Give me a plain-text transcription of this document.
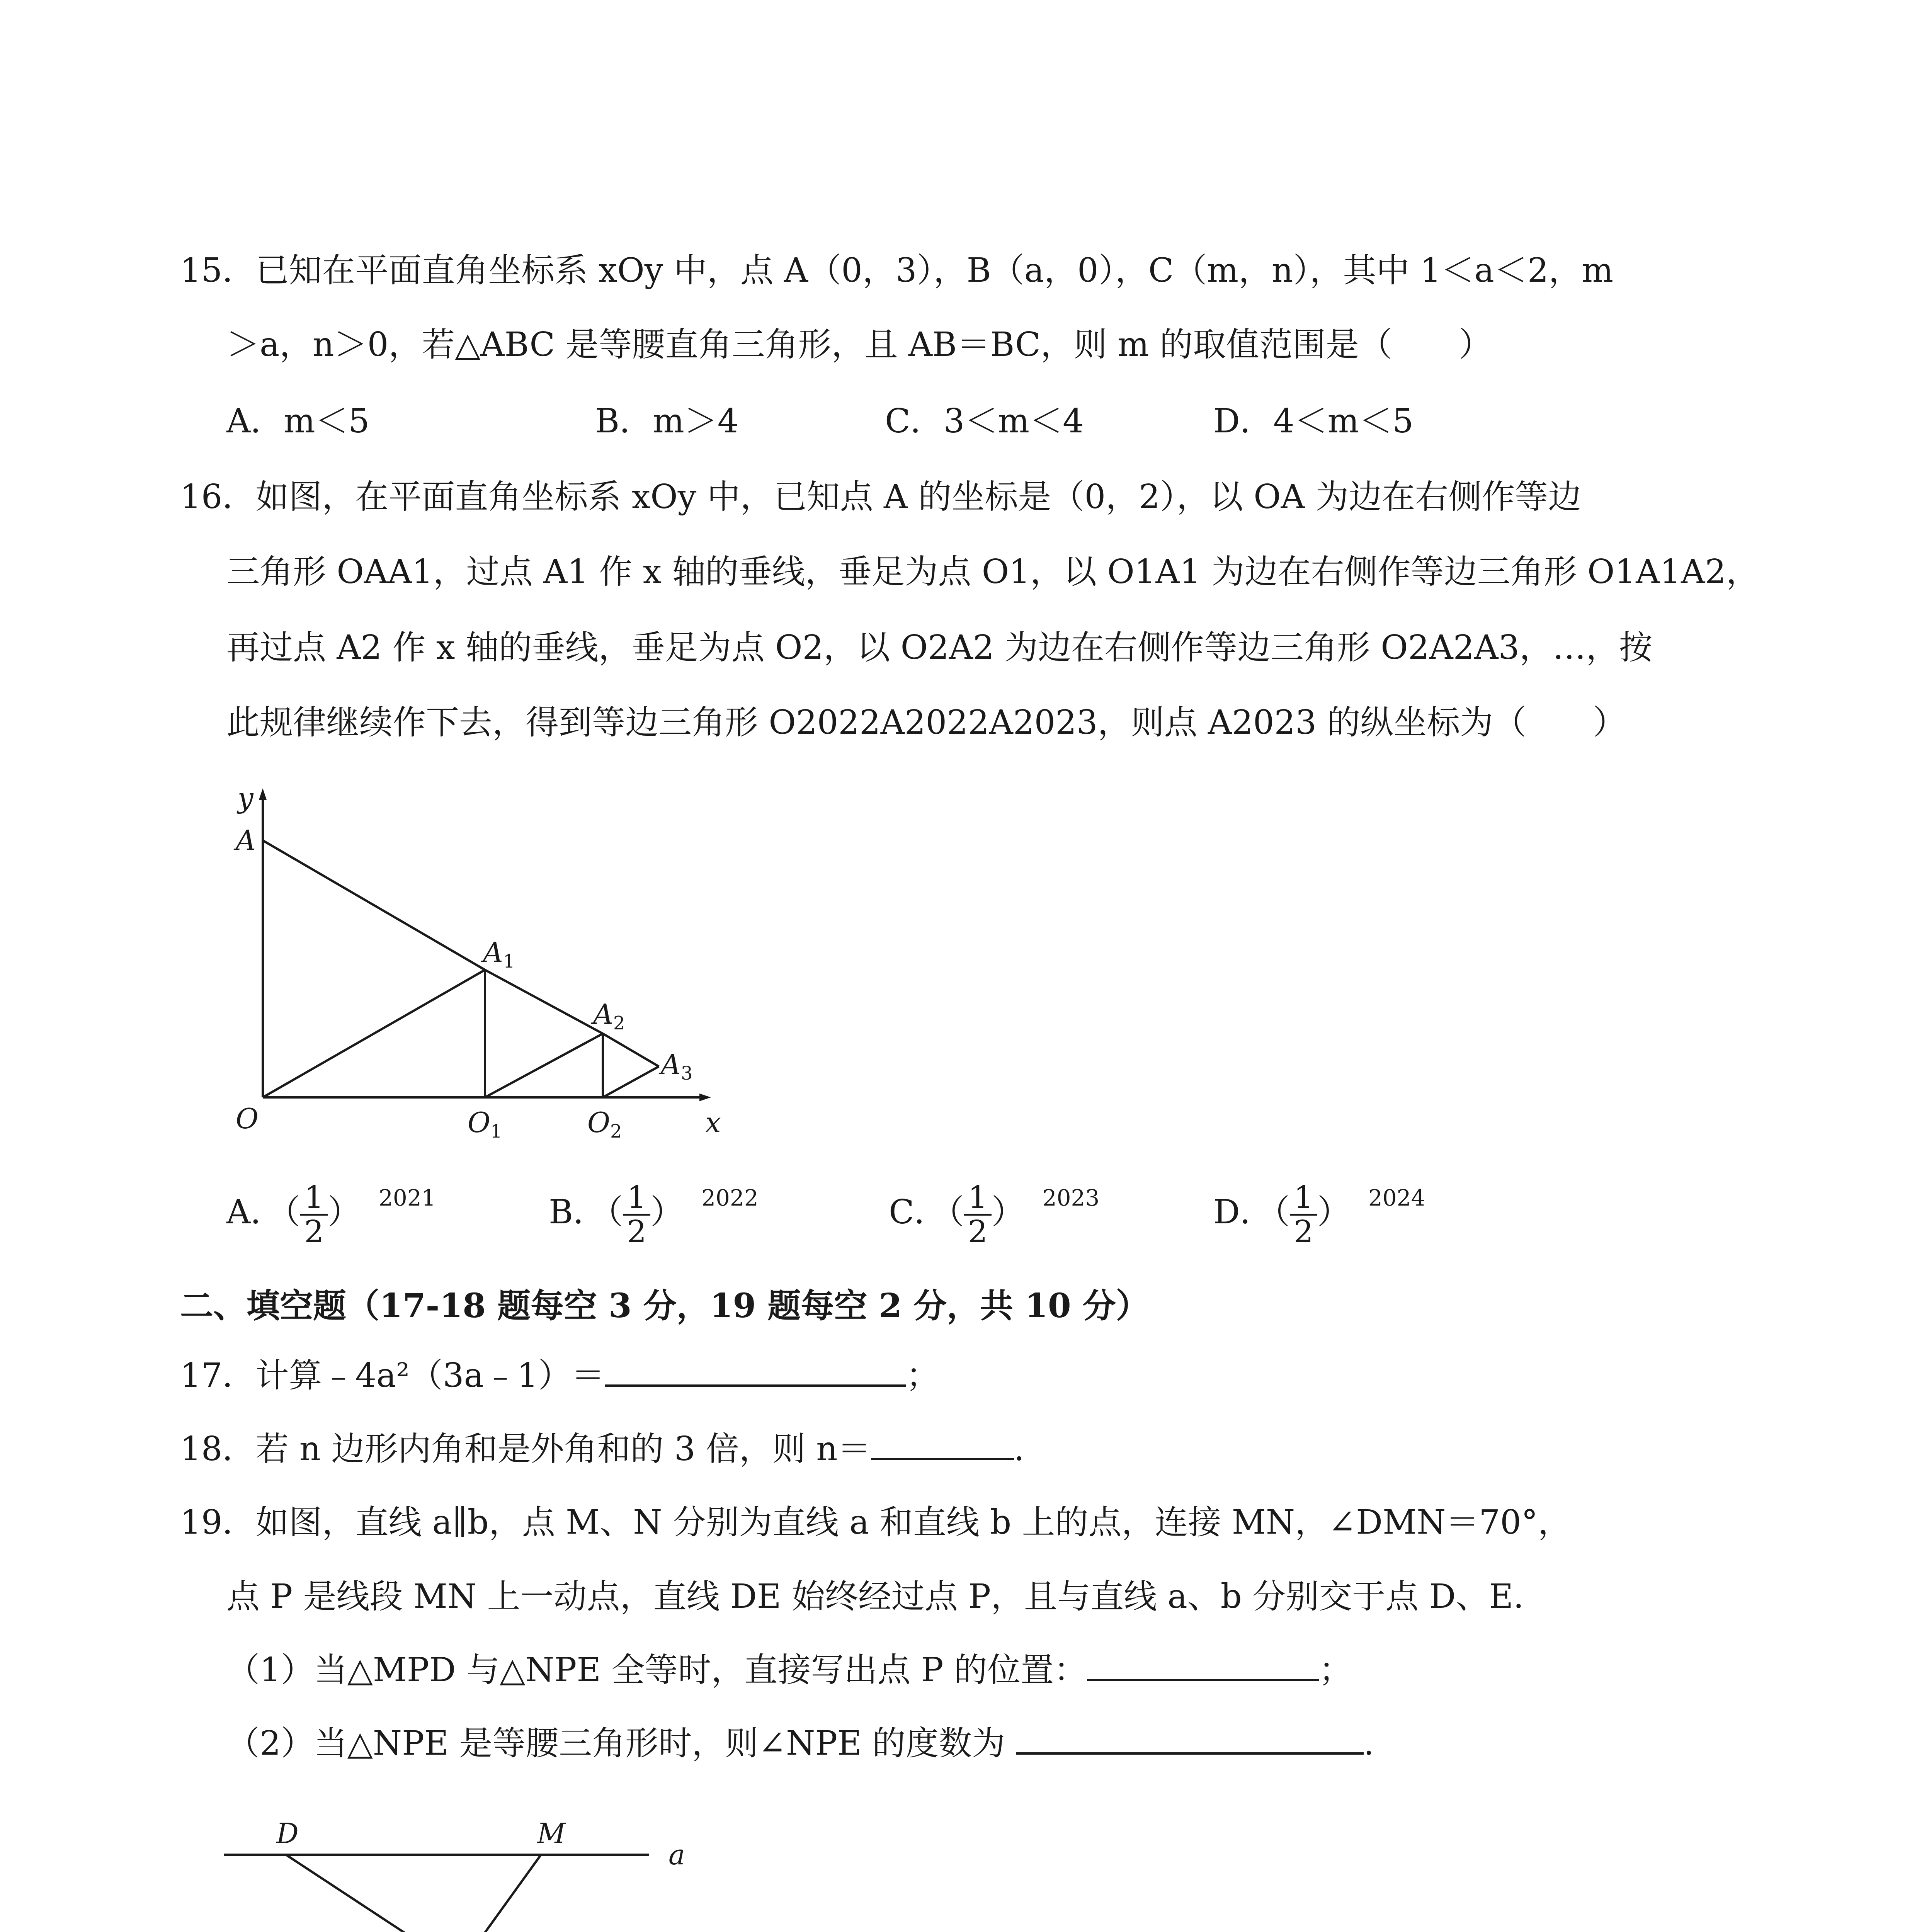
15．已知在平面直角坐标系 xOy 中，点 A（0，3），B（a，0），C（m，n），其中 1＜a＜2，m
＞a，n＞0，若△ABC 是等腰直角三角形，且 AB＝BC，则 m 的取值范围是（　　）
A．m＜5	B．m＞4	C．3＜m＜4	D．4＜m＜5
16．如图，在平面直角坐标系 xOy 中，已知点 A 的坐标是（0，2），以 OA 为边在右侧作等边
三角形 OAA1，过点 A1 作 x 轴的垂线，垂足为点 O1，以 O1A1 为边在右侧作等边三角形 O1A1A2，
再过点 A2 作 x 轴的垂线，垂足为点 O2，以 O2A2 为边在右侧作等边三角形 O2A2A3，…，按
此规律继续作下去，得到等边三角形 O2022A2022A2023，则点 A2023 的纵坐标为（　　）
y
A
A1
A2
A3
O	O1	O2	x
A．（ $\frac{1}{2}$ ） $^{2021}$	B．（ $\frac{1}{2}$ ） $^{2022}$	C．（ $\frac{1}{2}$ ） $^{2023}$	D．（ $\frac{1}{2}$ ） $^{2024}$
二、填空题（17-18 题每空 3 分，19 题每空 2 分，共 10 分）
17．计算﹣4a²（3a﹣1）＝	；
18．若 n 边形内角和是外角和的 3 倍，则 n＝	.
19．如图，直线 a∥b，点 M、N 分别为直线 a 和直线 b 上的点，连接 MN，∠DMN＝70°，
点 P 是线段 MN 上一动点，直线 DE 始终经过点 P，且与直线 a、b 分别交于点 D、E.
（1）当△MPD 与△NPE 全等时，直接写出点 P 的位置：	；
（2）当△NPE 是等腰三角形时，则∠NPE 的度数为	.
D	M
a
